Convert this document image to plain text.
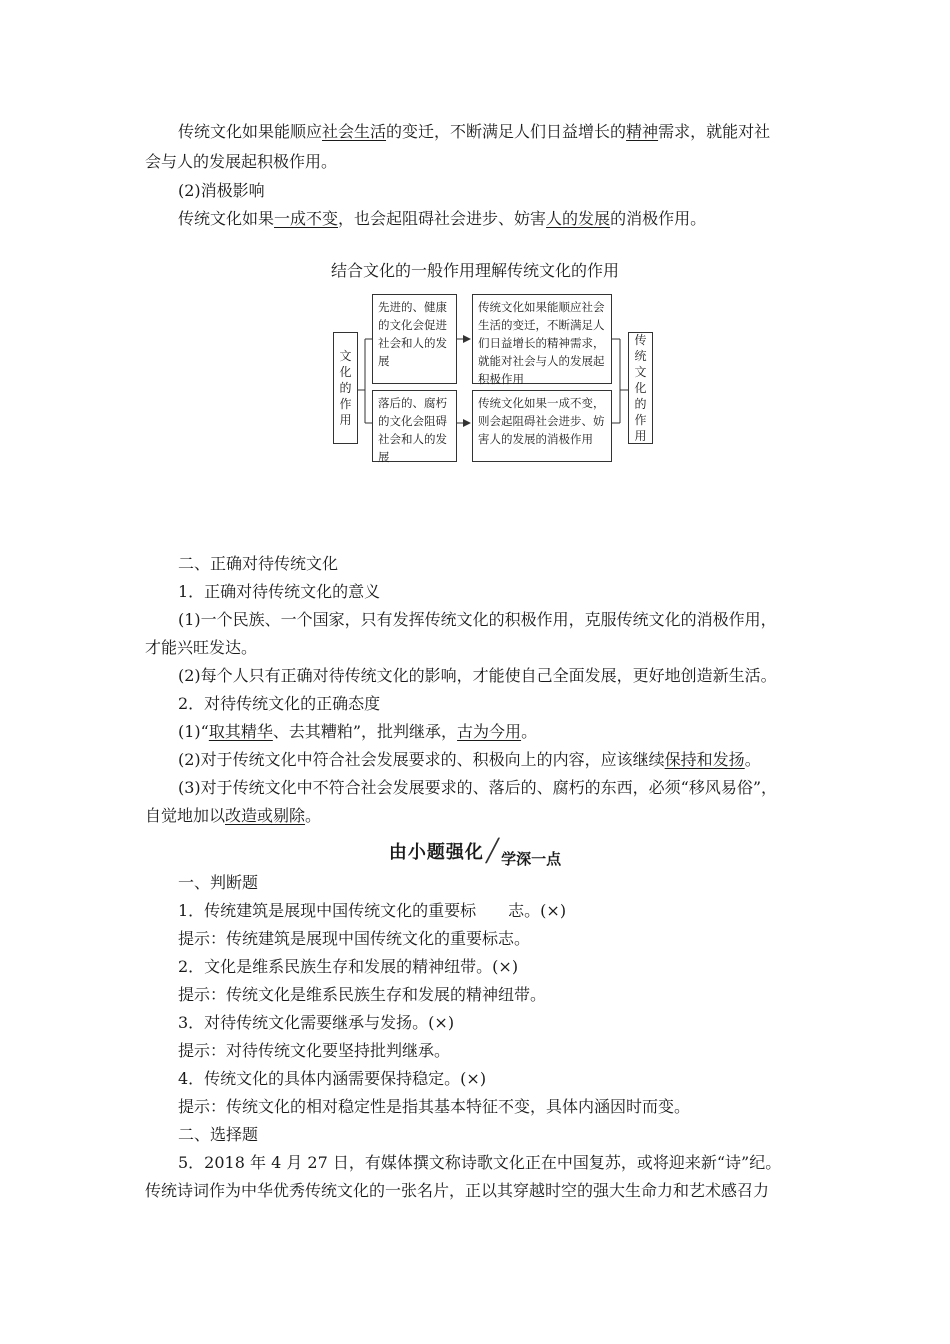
传统文化如果能顺应社会生活的变迁，不断满足人们日益增长的精神需求，就能对社
会与人的发展起积极作用。
(2)消极影响
传统文化如果一成不变，也会起阻碍社会进步、妨害人的发展的消极作用。
结合文化的一般作用理解传统文化的作用
文化的作用
先进的、健康的文化会促进社会和人的发展
传统文化如果能顺应社会生活的变迁，不断满足人们日益增长的精神需求，就能对社会与人的发展起积极作用
落后的、腐朽的文化会阻碍社会和人的发展
传统文化如果一成不变，则会起阻碍社会进步、妨害人的发展的消极作用
传统文化的作用
二、正确对待传统文化
1．正确对待传统文化的意义
(1)一个民族、一个国家，只有发挥传统文化的积极作用，克服传统文化的消极作用，
才能兴旺发达。
(2)每个人只有正确对待传统文化的影响，才能使自己全面发展，更好地创造新生活。
2．对待传统文化的正确态度
(1)“取其精华、去其糟粕”，批判继承，古为今用。
(2)对于传统文化中符合社会发展要求的、积极向上的内容，应该继续保持和发扬。
(3)对于传统文化中不符合社会发展要求的、落后的、腐朽的东西，必须“移风易俗”，
自觉地加以改造或剔除。
由小题强化╱ 学深一点
一、判断题
1．传统建筑是展现中国传统文化的重要标　　志。(×)
提示：传统建筑是展现中国传统文化的重要标志。
2．文化是维系民族生存和发展的精神纽带。(×)
提示：传统文化是维系民族生存和发展的精神纽带。
3．对待传统文化需要继承与发扬。(×)
提示：对待传统文化要坚持批判继承。
4．传统文化的具体内涵需要保持稳定。(×)
提示：传统文化的相对稳定性是指其基本特征不变，具体内涵因时而变。
二、选择题
5．2018 年 4 月 27 日，有媒体撰文称诗歌文化正在中国复苏，或将迎来新“诗”纪。
传统诗词作为中华优秀传统文化的一张名片，正以其穿越时空的强大生命力和艺术感召力
